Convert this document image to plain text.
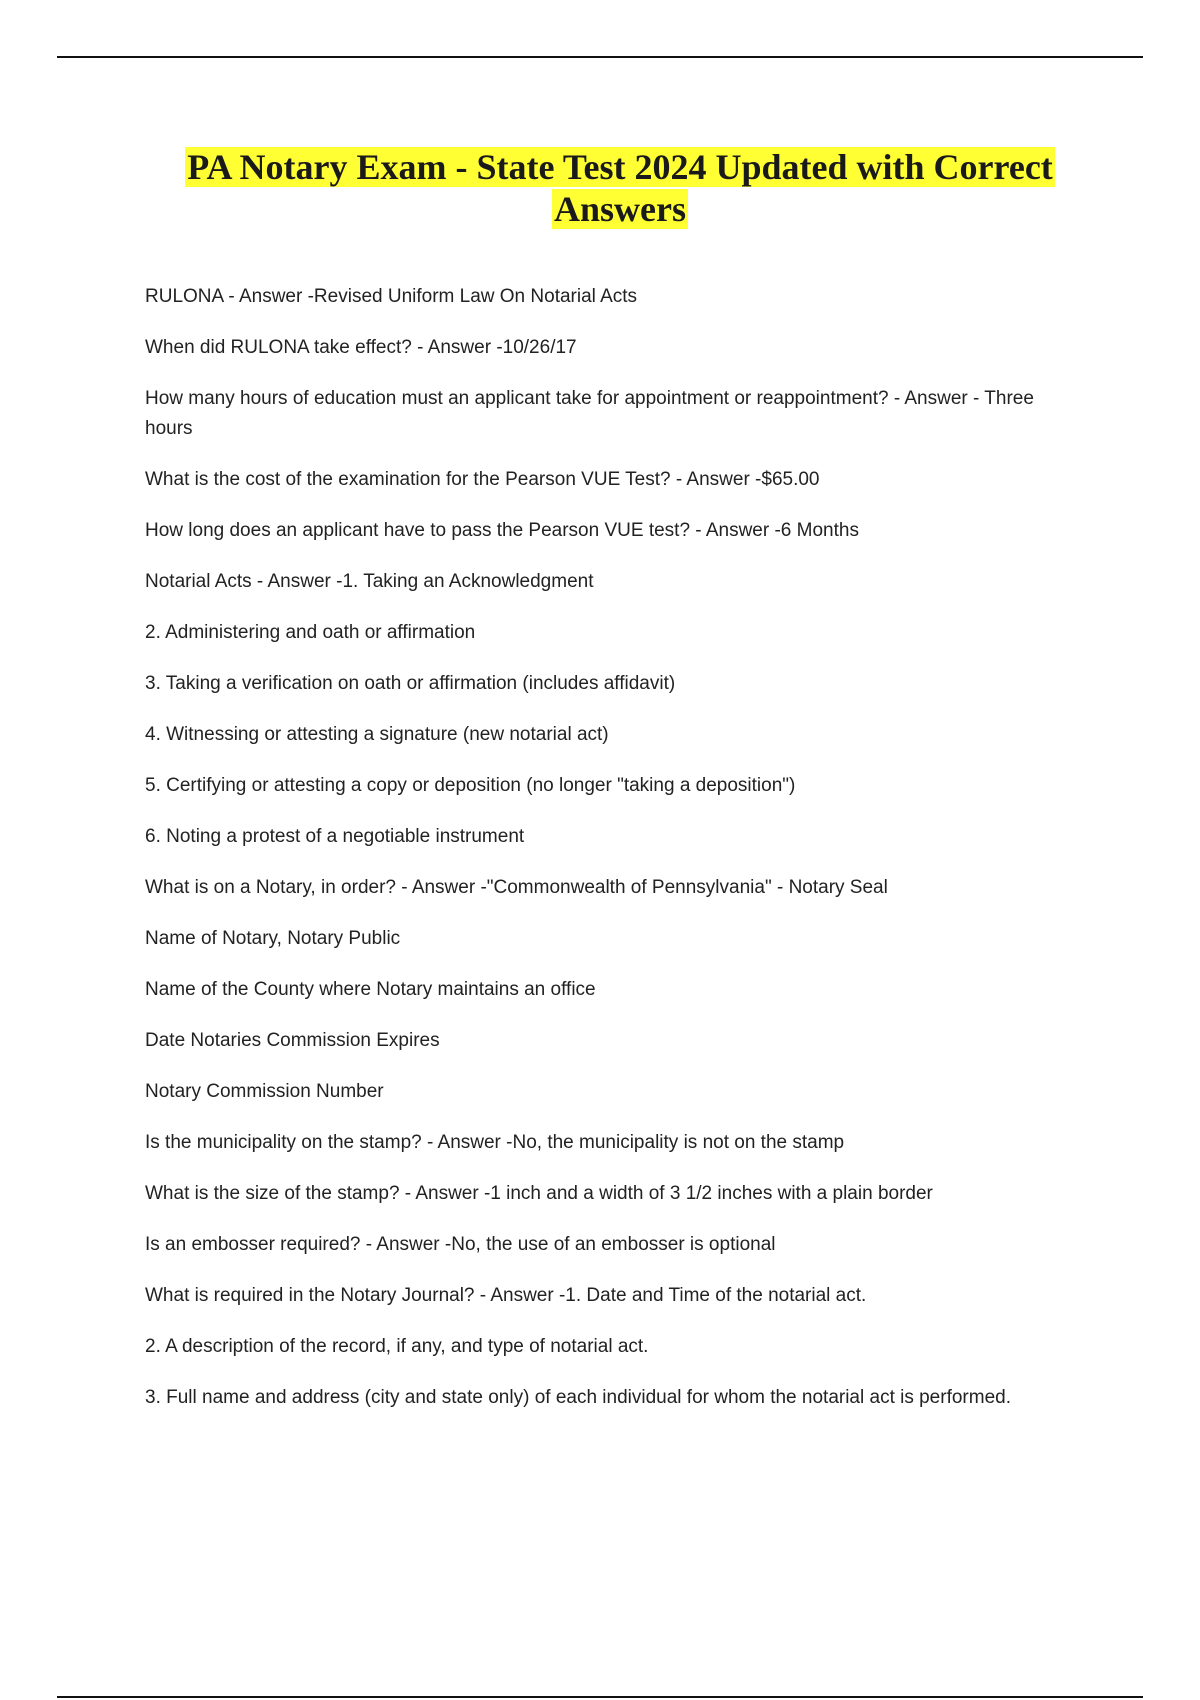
PA Notary Exam - State Test 2024 Updated with Correct Answers
RULONA - Answer -Revised Uniform Law On Notarial Acts
When did RULONA take effect? - Answer -10/26/17
How many hours of education must an applicant take for appointment or reappointment? - Answer - Three hours
What is the cost of the examination for the Pearson VUE Test? - Answer -$65.00
How long does an applicant have to pass the Pearson VUE test? - Answer -6 Months
Notarial Acts - Answer -1. Taking an Acknowledgment
2. Administering and oath or affirmation
3. Taking a verification on oath or affirmation (includes affidavit)
4. Witnessing or attesting a signature (new notarial act)
5. Certifying or attesting a copy or deposition (no longer "taking a deposition")
6. Noting a protest of a negotiable instrument
What is on a Notary, in order? - Answer -"Commonwealth of Pennsylvania" - Notary Seal
Name of Notary, Notary Public
Name of the County where Notary maintains an office
Date Notaries Commission Expires
Notary Commission Number
Is the municipality on the stamp? - Answer -No, the municipality is not on the stamp
What is the size of the stamp? - Answer -1 inch and a width of 3 1/2 inches with a plain border
Is an embosser required? - Answer -No, the use of an embosser is optional
What is required in the Notary Journal? - Answer -1. Date and Time of the notarial act.
2. A description of the record, if any, and type of notarial act.
3. Full name and address (city and state only) of each individual for whom the notarial act is performed.
